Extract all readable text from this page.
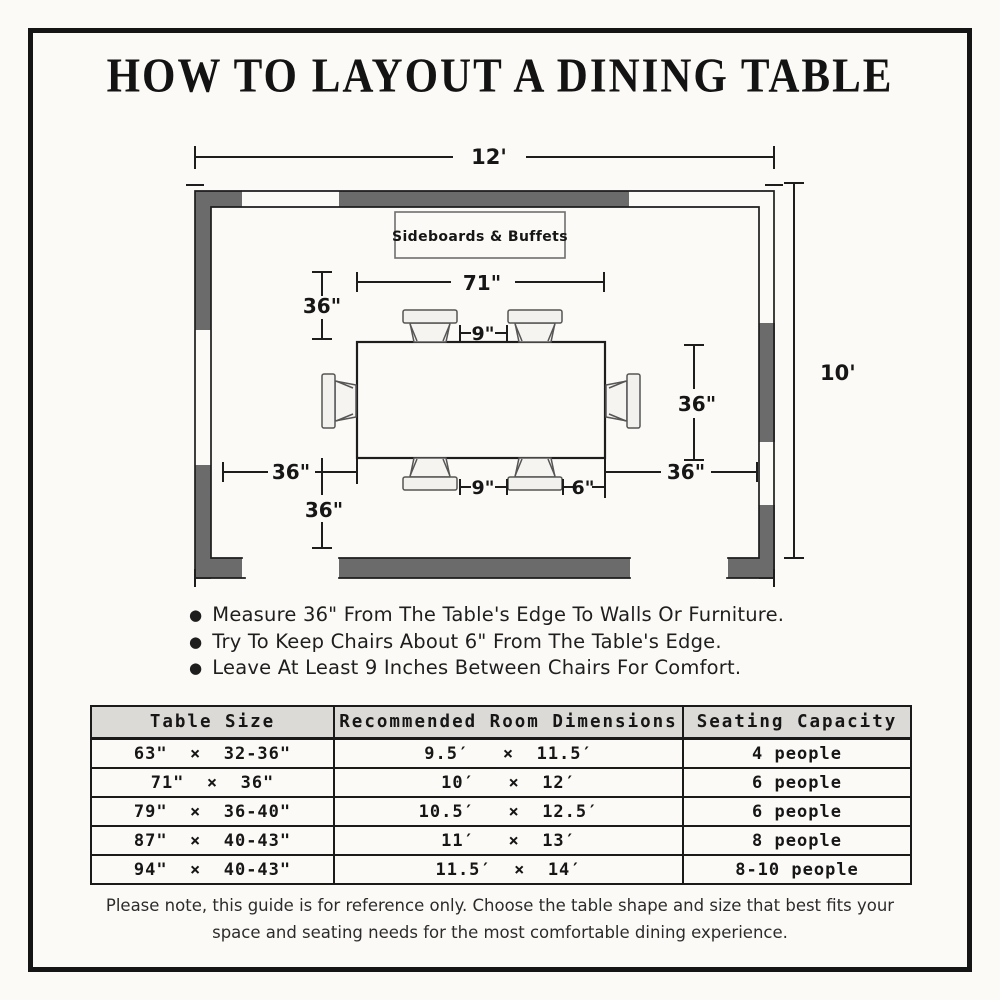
HOW TO LAYOUT A DINING TABLE
Sideboards & Buffets
12'
10'
71"
36"
9"
36"
36"
9"	6"
36"
36"
● Measure 36" From The Table's Edge To Walls Or Furniture.
● Try To Keep Chairs About 6" From The Table's Edge.
● Leave At Least 9 Inches Between Chairs For Comfort.
Table Size	Recommended Room Dimensions	Seating Capacity
63"  ×  32-36"	9.5′   ×  11.5′	4 people
71"  ×  36"	10′   ×  12′	6 people
79"  ×  36-40"	10.5′   ×  12.5′	6 people
87"  ×  40-43"	11′   ×  13′	8 people
94"  ×  40-43"	11.5′  ×  14′	8-10 people

Please note, this guide is for reference only. Choose the table shape and size that best fits your
space and seating needs for the most comfortable dining experience.
